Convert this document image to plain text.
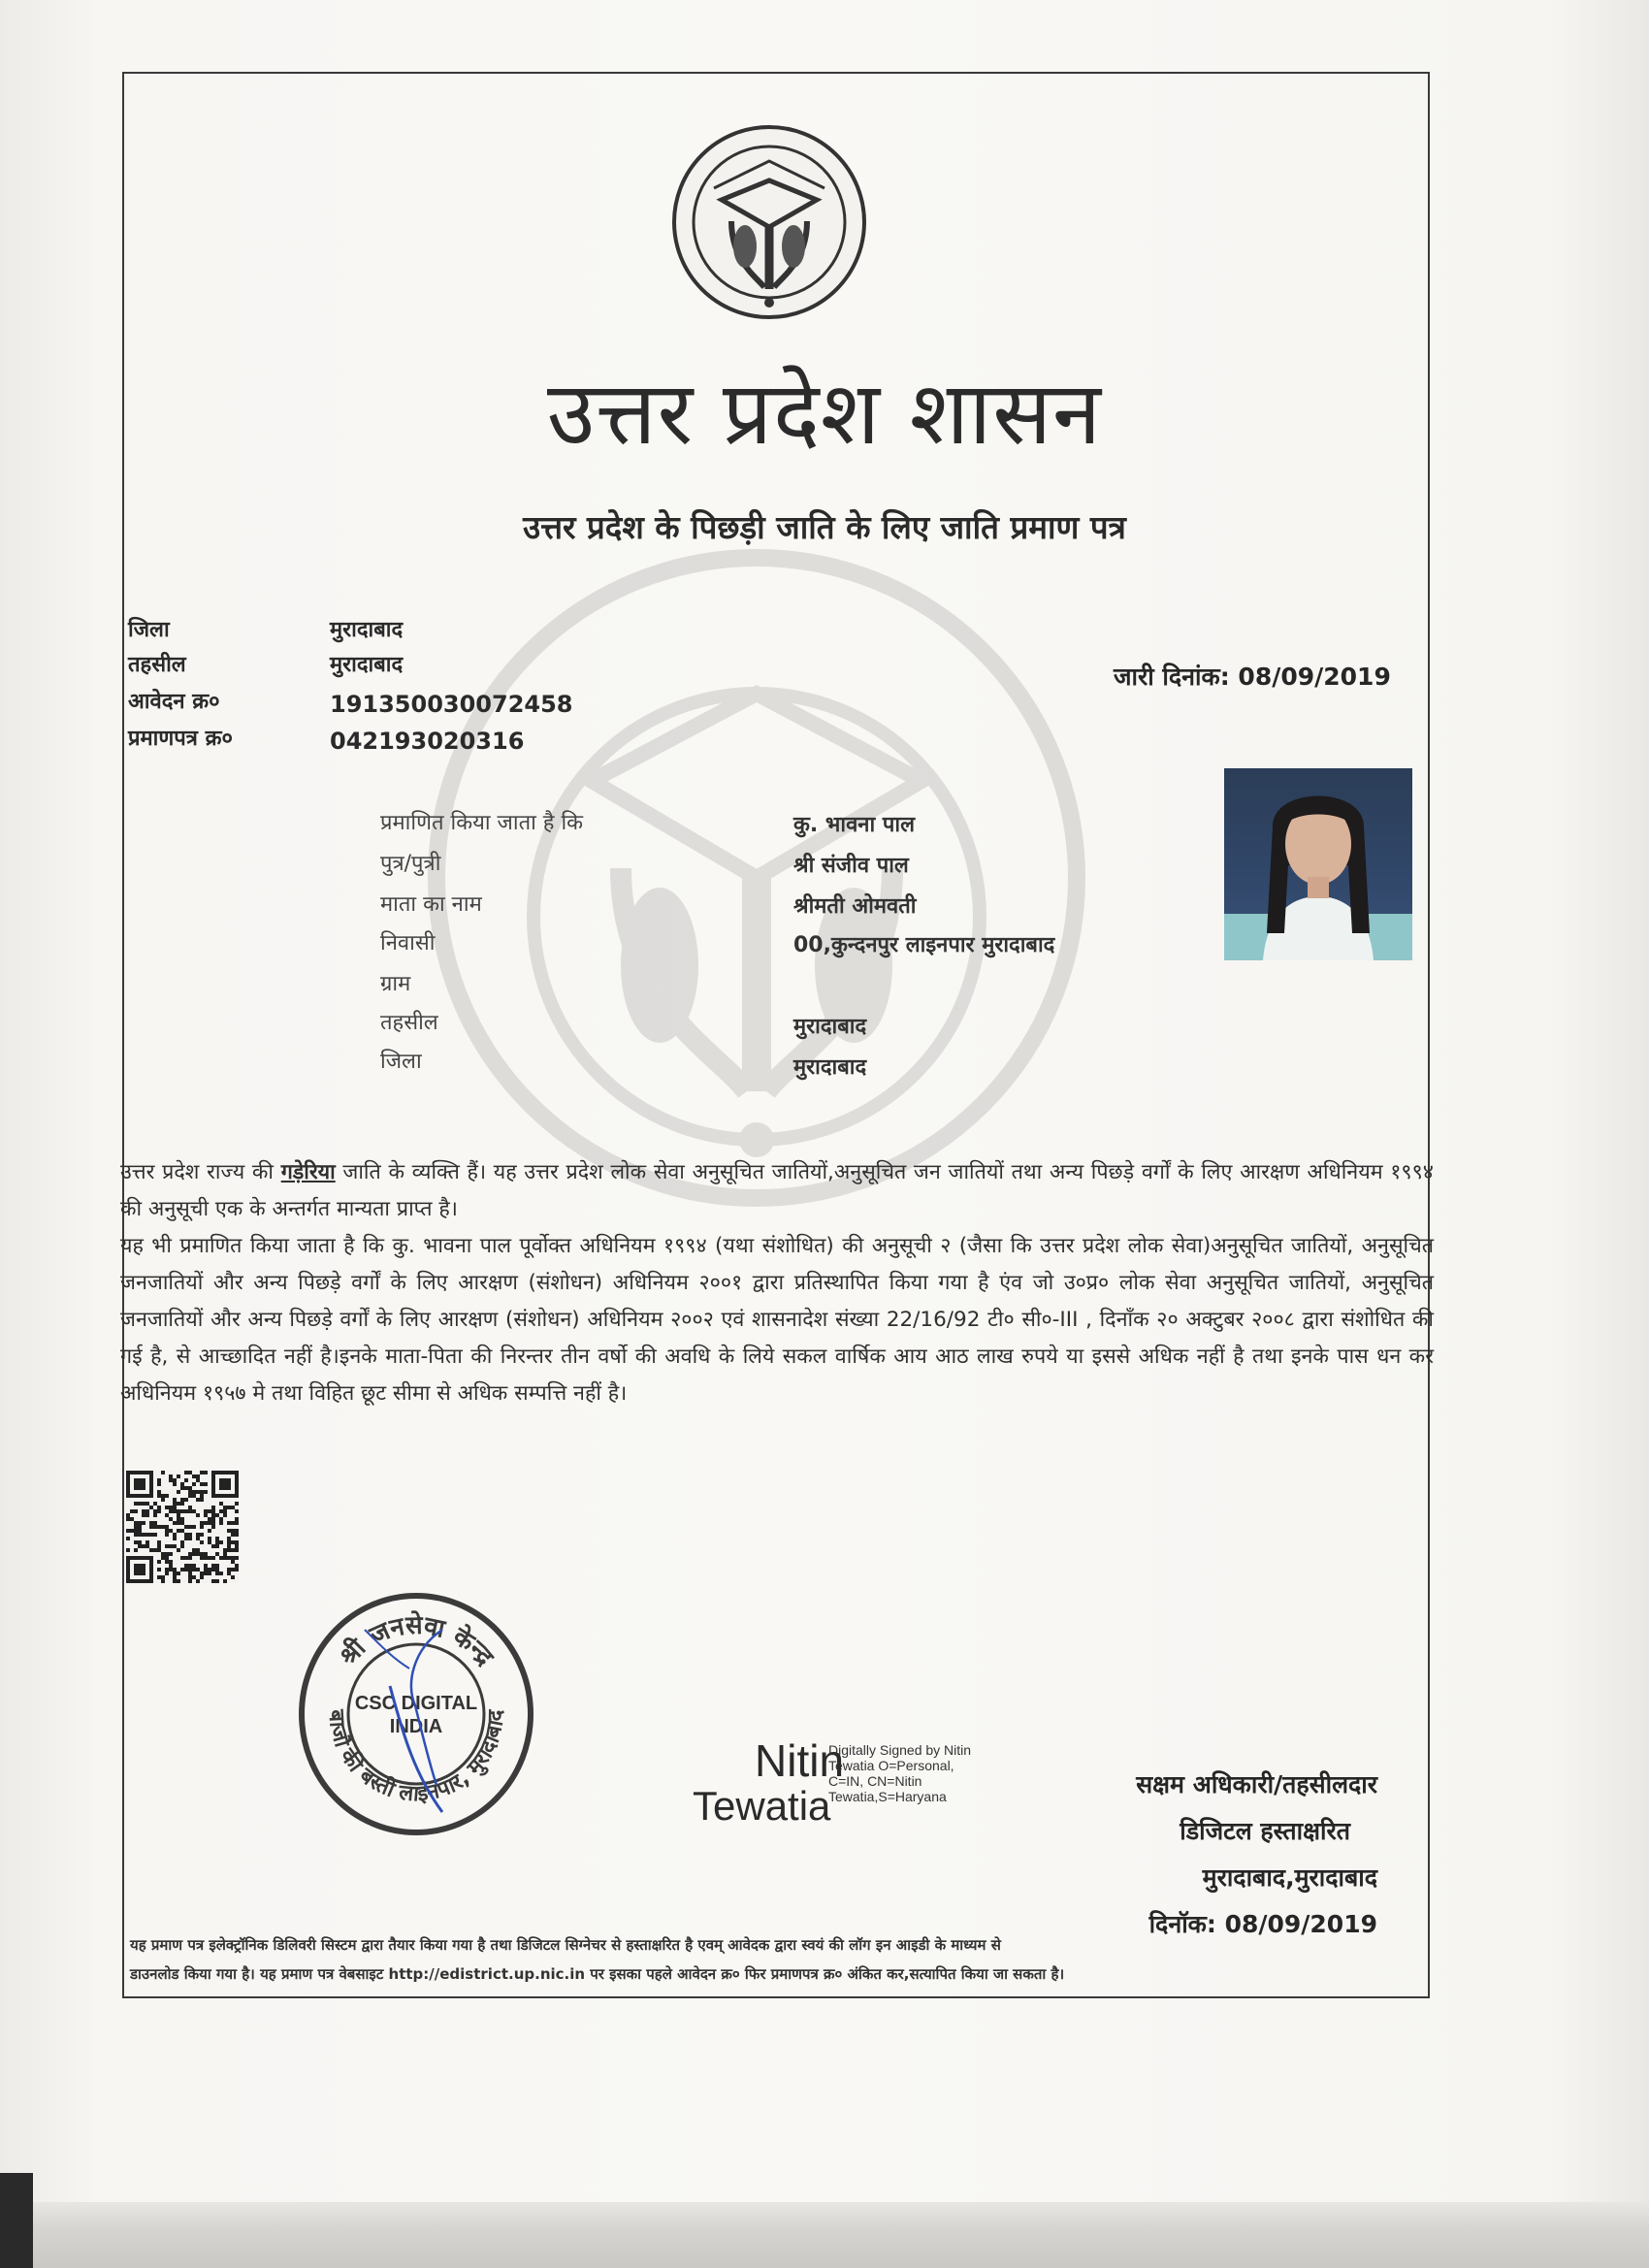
उत्तर प्रदेश शासन
उत्तर प्रदेश के पिछड़ी जाति के लिए जाति प्रमाण पत्र
जिला	मुरादाबाद
तहसील	मुरादाबाद
आवेदन क्र०	191350030072458
प्रमाणपत्र क्र०	042193020316
जारी दिनांक: 08/09/2019
प्रमाणित किया जाता है कि	कु. भावना पाल
पुत्र/पुत्री	श्री संजीव पाल
माता का नाम	श्रीमती ओमवती
निवासी	00,कुन्दनपुर लाइनपार मुरादाबाद
ग्राम
तहसील	मुरादाबाद
जिला	मुरादाबाद
उत्तर प्रदेश राज्य की गड़ेरिया जाति के व्यक्ति हैं। यह उत्तर प्रदेश लोक सेवा अनुसूचित जातियों,अनुसूचित जन जातियों तथा अन्य पिछड़े वर्गों के लिए आरक्षण अधिनियम १९९४ की अनुसूची एक के अन्तर्गत मान्यता प्राप्त है।
यह भी प्रमाणित किया जाता है कि कु. भावना पाल पूर्वोक्त अधिनियम १९९४ (यथा संशोधित) की अनुसूची २ (जैसा कि उत्तर प्रदेश लोक सेवा)अनुसूचित जातियों, अनुसूचित जनजातियों और अन्य पिछड़े वर्गों के लिए आरक्षण (संशोधन) अधिनियम २००१ द्वारा प्रतिस्थापित किया गया है एंव जो उ०प्र० लोक सेवा अनुसूचित जातियों, अनुसूचित जनजातियों और अन्य पिछड़े वर्गों के लिए आरक्षण (संशोधन) अधिनियम २००२ एवं शासनादेश संख्या 22/16/92 टी० सी०-III , दिनाँक २० अक्टुबर २००८ द्वारा संशोधित की गई है, से आच्छादित नहीं है।इनके माता-पिता की निरन्तर तीन वर्षो की अवधि के लिये सकल वार्षिक आय आठ लाख रुपये या इससे अधिक नहीं है तथा इनके पास धन कर अधिनियम १९५७ मे तथा विहित छूट सीमा से अधिक सम्पत्ति नहीं है।
श्री जनसेवा केन्द्र
बाजौ की बस्ती लाइनपार, मुरादाबाद
CSC DIGITAL
INDIA
Nitin
Tewatia
Digitally Signed by Nitin
Tewatia O=Personal,
C=IN, CN=Nitin
Tewatia,S=Haryana	सक्षम अधिकारी/तहसीलदार
डिजिटल हस्ताक्षरित
मुरादाबाद,मुरादाबाद
दिनॉक: 08/09/2019
यह प्रमाण पत्र इलेक्ट्रॉनिक डिलिवरी सिस्टम द्वारा तैयार किया गया है तथा डिजिटल सिग्नेचर से हस्ताक्षरित है एवम् आवेदक द्वारा स्वयं की लॉग इन आइडी के माध्यम से
डाउनलोड किया गया है। यह प्रमाण पत्र वेबसाइट http://edistrict.up.nic.in पर इसका पहले आवेदन क्र० फिर प्रमाणपत्र क्र० अंकित कर,सत्यापित किया जा सकता है।
